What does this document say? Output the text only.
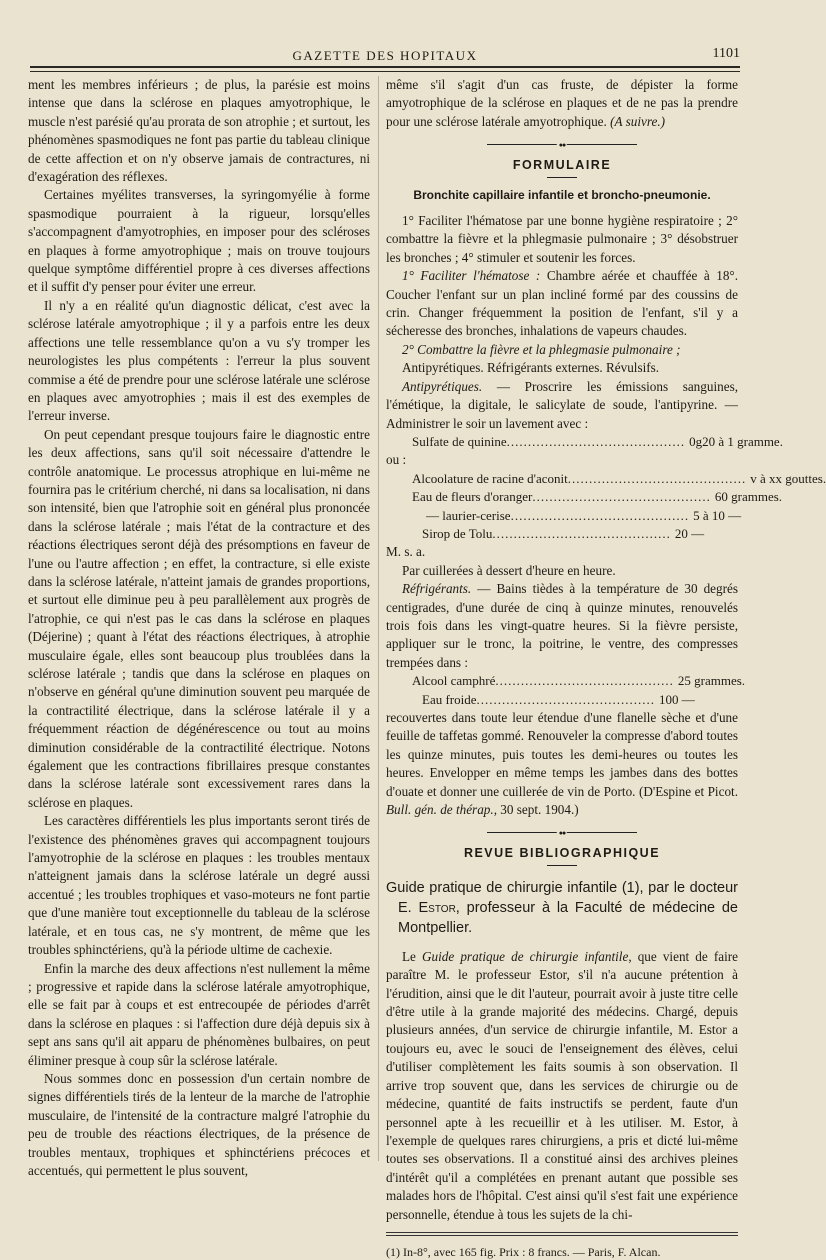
GAZETTE DES HOPITAUX	1101

ment les membres inférieurs ; de plus, la parésie est moins intense que dans la sclérose en plaques amyotrophique, le muscle n'est parésié qu'au prorata de son atrophie ; et surtout, les phénomènes spasmodiques ne font pas partie du tableau clinique de cette affection et on n'y observe jamais de contractures, ni d'exagération des réflexes.

Certaines myélites transverses, la syringomyélie à forme spasmodique pourraient à la rigueur, lorsqu'elles s'accompagnent d'amyotrophies, en imposer pour des scléroses en plaques à forme amyotrophique ; mais on trouve toujours quelque symptôme différentiel propre à ces diverses affections et il suffit d'y penser pour éviter une erreur.

Il n'y a en réalité qu'un diagnostic délicat, c'est avec la sclérose latérale amyotrophique ; il y a parfois entre les deux affections une telle ressemblance qu'on a vu s'y tromper les neurologistes les plus compétents : l'erreur la plus souvent commise a été de prendre pour une sclérose latérale une sclérose en plaques avec amyotrophies ; mais il est des exemples de l'erreur inverse.

On peut cependant presque toujours faire le diagnostic entre les deux affections, sans qu'il soit nécessaire d'attendre le contrôle anatomique. Le processus atrophique en lui-même ne fournira pas le critérium cherché, ni dans sa localisation, ni dans son intensité, bien que l'atrophie soit en général plus prononcée dans la sclérose latérale ; mais l'état de la contracture et des réactions électriques seront déjà des présomptions en faveur de l'une ou l'autre affection ; en effet, la contracture, si elle existe dans la sclérose latérale, n'atteint jamais de grandes proportions, et surtout elle diminue peu à peu parallèlement aux progrès de l'atrophie, ce qui n'est pas le cas dans la sclérose en plaques (Déjerine) ; quant à l'état des réactions électriques, à atrophie musculaire égale, elles sont beaucoup plus troublées dans la sclérose latérale ; tandis que dans la sclérose en plaques on n'observe en général qu'une diminution souvent peu marquée de la contractilité électrique, dans la sclérose latérale il y a fréquemment réaction de dégénérescence ou tout au moins diminution considérable de la contractilité électrique. Notons également que les contractions fibrillaires presque constantes dans la sclérose latérale sont excessivement rares dans la sclérose en plaques.

Les caractères différentiels les plus importants seront tirés de l'existence des phénomènes graves qui accompagnent toujours l'amyotrophie de la sclérose en plaques : les troubles mentaux n'atteignent jamais dans la sclérose latérale un degré aussi accentué ; les troubles trophiques et vaso-moteurs ne font partie que d'une manière tout exceptionnelle du tableau de la sclérose latérale, et en tous cas, ne s'y montrent, de même que les troubles sphinctériens, qu'à la période ultime de cachexie.

Enfin la marche des deux affections n'est nullement la même ; progressive et rapide dans la sclérose latérale amyotrophique, elle se fait par à coups et est entrecoupée de périodes d'arrêt dans la sclérose en plaques : si l'affection dure déjà depuis six à sept ans sans qu'il ait apparu de phénomènes bulbaires, on peut éliminer presque à coup sûr la sclérose latérale.

Nous sommes donc en possession d'un certain nombre de signes différentiels tirés de la lenteur de la marche de l'atrophie musculaire, de l'intensité de la contracture malgré l'atrophie du peu de trouble des réactions électriques, de la présence de troubles mentaux, trophiques et sphinctériens précoces et accentués, qui permettent le plus souvent,

même s'il s'agit d'un cas fruste, de dépister la forme amyotrophique de la sclérose en plaques et de ne pas la prendre pour une sclérose latérale amyotrophique. (A suivre.)

●●
FORMULAIRE
Bronchite capillaire infantile et broncho-pneumonie.

1° Faciliter l'hématose par une bonne hygiène respiratoire ; 2° combattre la fièvre et la phlegmasie pulmonaire ; 3° désobstruer les bronches ; 4° stimuler et soutenir les forces.

1° Faciliter l'hématose : Chambre aérée et chauffée à 18°. Coucher l'enfant sur un plan incliné formé par des coussins de crin. Changer fréquemment la position de l'enfant, s'il y a sécheresse des bronches, inhalations de vapeurs chaudes.

2° Combattre la fièvre et la phlegmasie pulmonaire ;

Antipyrétiques. Réfrigérants externes. Révulsifs.

Antipyrétiques. — Proscrire les émissions sanguines, l'émétique, la digitale, le salicylate de soude, l'antipyrine. — Administrer le soir un lavement avec :

Sulfate de quinine .......................................... 0g20 à 1 gramme.

ou :

Alcoolature de racine d'aconit .......................................... v à xx gouttes.
Eau de fleurs d'oranger .......................................... 60 grammes.
— laurier-cerise .......................................... 5 à 10 —
Sirop de Tolu .......................................... 20 —

M. s. a.

Par cuillerées à dessert d'heure en heure.

Réfrigérants. — Bains tièdes à la température de 30 degrés centigrades, d'une durée de cinq à quinze minutes, renouvelés trois fois dans les vingt-quatre heures. Si la fièvre persiste, appliquer sur le tronc, la poitrine, le ventre, des compresses trempées dans :

Alcool camphré .......................................... 25 grammes.
Eau froide .......................................... 100 —

recouvertes dans toute leur étendue d'une flanelle sèche et d'une feuille de taffetas gommé. Renouveler la compresse d'abord toutes les quinze minutes, puis toutes les demi-heures ou toutes les heures. Envelopper en même temps les jambes dans des bottes d'ouate et donner une cuillerée de vin de Porto. (D'Espine et Picot. Bull. gén. de thérap., 30 sept. 1904.)

●●
REVUE BIBLIOGRAPHIQUE
Guide pratique de chirurgie infantile (1), par le docteur E. Estor, professeur à la Faculté de médecine de Montpellier.

Le Guide pratique de chirurgie infantile, que vient de faire paraître M. le professeur Estor, s'il n'a aucune prétention à l'érudition, ainsi que le dit l'auteur, pourrait avoir à juste titre celle d'être utile à la grande majorité des médecins. Chargé, depuis plusieurs années, d'un service de chirurgie infantile, M. Estor a toujours eu, avec le souci de l'enseignement des élèves, celui d'utiliser complètement les faits soumis à son observation. Il arrive trop souvent que, dans les services de chirurgie ou de médecine, quantité de faits instructifs se perdent, faute d'un personnel apte à les recueillir et à les utiliser. M. Estor, à l'exemple de quelques rares chirurgiens, a pris et dicté lui-même toutes ses observations. Il a constitué ainsi des archives pleines d'intérêt qu'il a complétées en prenant autant que possible ses malades hors de l'hôpital. C'est ainsi qu'il s'est fait une expérience personnelle, étendue à tous les sujets de la chi-

(1) In-8°, avec 165 fig. Prix : 8 francs. — Paris, F. Alcan.
